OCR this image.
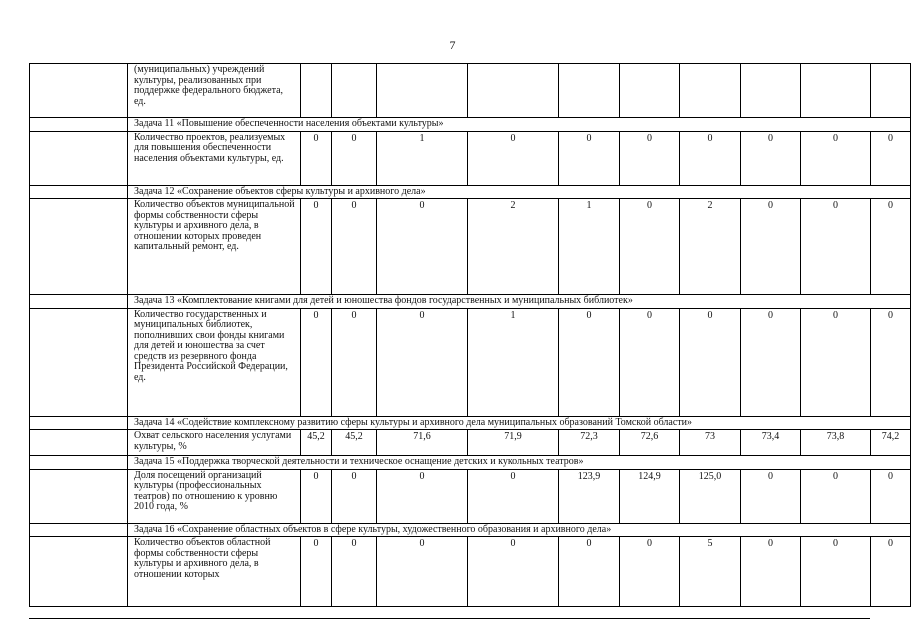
7
	(муниципальных) учреждений культуры, реализованных при поддержке федерального бюджета, ед.										
	Задача 11 «Повышение обеспеченности населения объектами культуры»										
	Количество проектов, реализуемых для повышения обеспеченности населения объектами культуры, ед.	0	0	1	0	0	0	0	0	0	0
	Задача 12 «Сохранение объектов сферы культуры и архивного дела»										
	Количество объектов муниципальной формы собственности сферы культуры и архивного дела, в отношении которых проведен капитальный ремонт, ед.	0	0	0	2	1	0	2	0	0	0
	Задача 13 «Комплектование книгами для детей и юношества фондов государственных и муниципальных библиотек»										
	Количество государственных и муниципальных библиотек, пополнивших свои фонды книгами для детей и юношества за счет средств из резервного фонда Президента Российской Федерации, ед.	0	0	0	1	0	0	0	0	0	0
	Задача 14 «Содействие комплексному развитию сферы культуры и архивного дела муниципальных образований Томской области»										
	Охват сельского населения услугами культуры, %	45,2	45,2	71,6	71,9	72,3	72,6	73	73,4	73,8	74,2
	Задача 15 «Поддержка творческой деятельности и техническое оснащение детских и кукольных театров»										
	Доля посещений организаций культуры (профессиональных театров) по отношению к уровню 2010 года, %	0	0	0	0	123,9	124,9	125,0	0	0	0
	Задача 16 «Сохранение областных объектов в сфере культуры, художественного образования и архивного дела»										
	Количество объектов областной формы собственности сферы культуры и архивного дела, в отношении которых	0	0	0	0	0	0	5	0	0	0
